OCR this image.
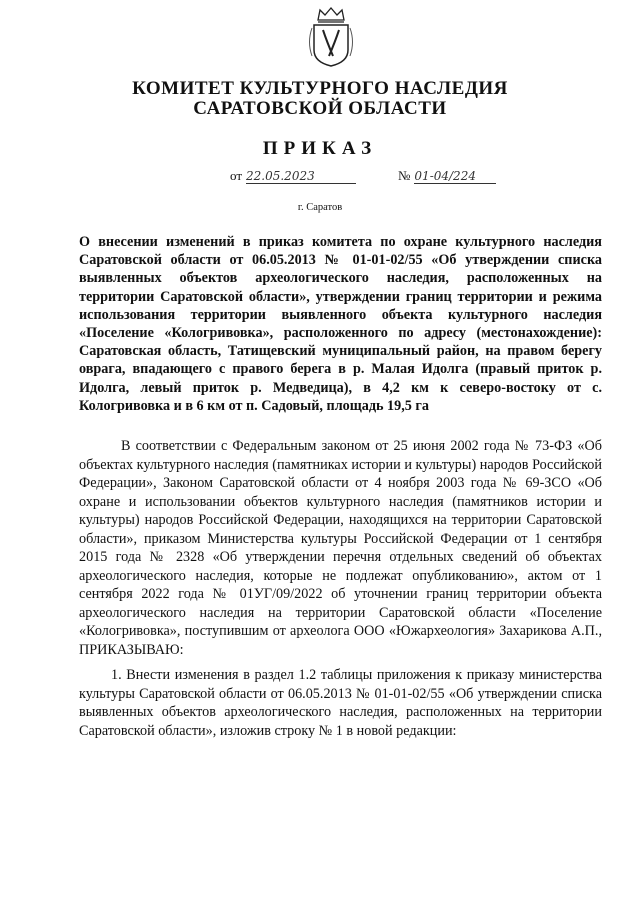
КОМИТЕТ КУЛЬТУРНОГО НАСЛЕДИЯ
САРАТОВСКОЙ ОБЛАСТИ
ПРИКАЗ
от 22.05.2023	№ 01-04/224
г. Саратов
О внесении изменений в приказ комитета по охране культурного наследия Саратовской области от 06.05.2013 № 01-01-02/55 «Об утверждении списка выявленных объектов археологического наследия, расположенных на территории Саратовской области», утверждении границ территории и режима использования территории выявленного объекта культурного наследия «Поселение «Кологривовка», расположенного по адресу (местонахождение): Саратовская область, Татищевский муниципальный район, на правом берегу оврага, впадающего с правого берега в р. Малая Идолга (правый приток р. Идолга, левый приток р. Медведица), в 4,2 км к северо-востоку от с. Кологривовка и в 6 км от п. Садовый, площадь 19,5 га
В соответствии с Федеральным законом от 25 июня 2002 года № 73-ФЗ «Об объектах культурного наследия (памятниках истории и культуры) народов Российской Федерации», Законом Саратовской области от 4 ноября 2003 года № 69-ЗСО «Об охране и использовании объектов культурного наследия (памятников истории и культуры) народов Российской Федерации, находящихся на территории Саратовской области», приказом Министерства культуры Российской Федерации от 1 сентября 2015 года № 2328 «Об утверждении перечня отдельных сведений об объектах археологического наследия, которые не подлежат опубликованию», актом от 1 сентября 2022 года № 01УГ/09/2022 об уточнении границ территории объекта археологического наследия на территории Саратовской области «Поселение «Кологривовка», поступившим от археолога ООО «Южархеология» Захарикова А.П., ПРИКАЗЫВАЮ:
1. Внести изменения в раздел 1.2 таблицы приложения к приказу министерства культуры Саратовской области от 06.05.2013 № 01-01-02/55 «Об утверждении списка выявленных объектов археологического наследия, расположенных на территории Саратовской области», изложив строку № 1 в новой редакции:
